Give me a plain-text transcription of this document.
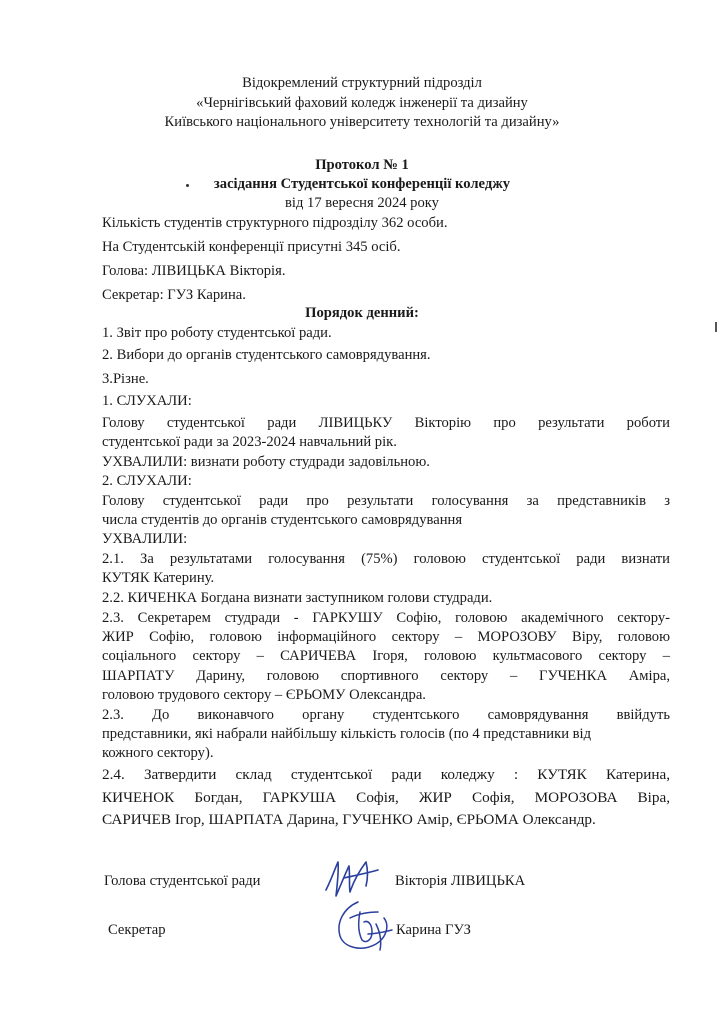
Відокремлений структурний підрозділ
«Чернігівський фаховий коледж інженерії та дизайну
Київського національного університету технологій та дизайну»
Протокол № 1
засідання Студентської конференції коледжу
від 17 вересня 2024 року
Кількість студентів структурного підрозділу 362 особи.
На Студентській конференції присутні 345 осіб.
Голова: ЛІВИЦЬКА Вікторія.
Секретар: ГУЗ Карина.
Порядок денний:
1. Звіт про роботу студентської ради.
2. Вибори до органів студентського самоврядування.
3.Різне.
1. СЛУХАЛИ:
Голову студентської ради ЛІВИЦЬКУ Вікторію про результати роботи
студентської ради за 2023-2024 навчальний рік.
УХВАЛИЛИ: визнати роботу студради задовільною.
2. СЛУХАЛИ:
Голову студентської ради про результати голосування за представників з
числа студентів до органів студентського самоврядування
УХВАЛИЛИ:
2.1. За результатами голосування (75%) головою студентської ради визнати
КУТЯК Катерину.
2.2. КИЧЕНКА Богдана визнати заступником голови студради.
2.3. Секретарем студради - ГАРКУШУ Софію, головою академічного сектору-
ЖИР Софію, головою інформаційного сектору – МОРОЗОВУ Віру, головою
соціального сектору – САРИЧЕВА Ігоря, головою культмасового сектору –
ШАРПАТУ Дарину, головою спортивного сектору – ГУЧЕНКА Аміра,
головою трудового сектору – ЄРЬОМУ Олександра.
2.3. До виконавчого органу студентського самоврядування ввійдуть
представники, які набрали найбільшу кількість голосів (по 4 представники від
кожного сектору).
2.4. Затвердити склад студентської ради коледжу : КУТЯК Катерина,
КИЧЕНОК Богдан, ГАРКУША Софія, ЖИР Софія, МОРОЗОВА Віра,
САРИЧЕВ Ігор, ШАРПАТА Дарина, ГУЧЕНКО Амір, ЄРЬОМА Олександр.
Голова студентської ради	Вікторія ЛІВИЦЬКА
Секретар	Карина ГУЗ
